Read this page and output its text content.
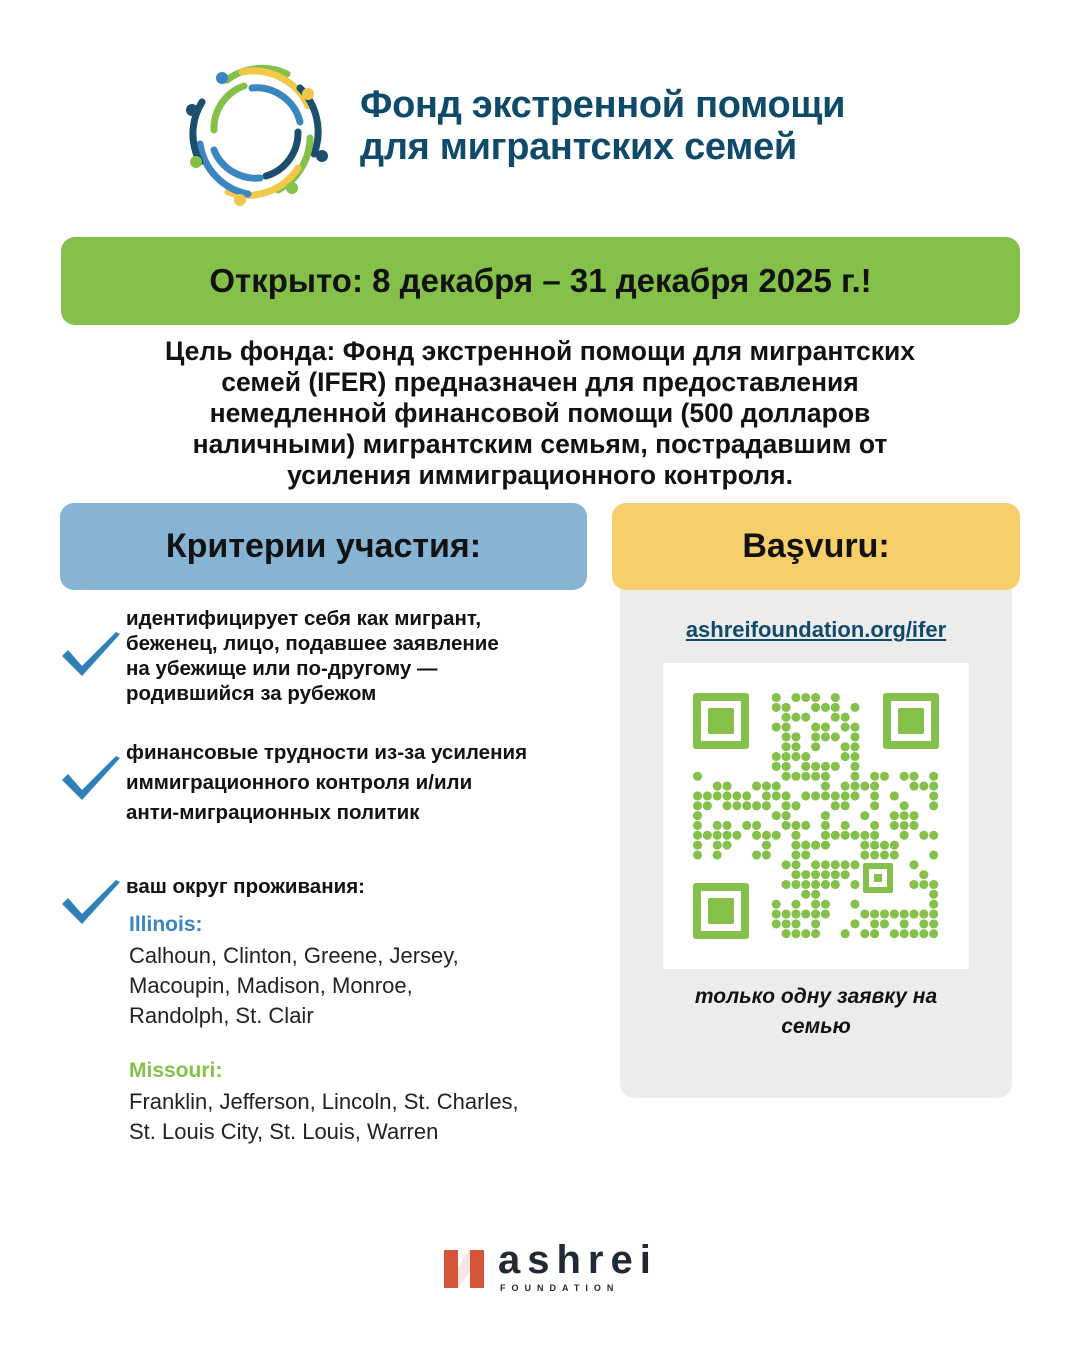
Фонд экстренной помощи
для мигрантских семей
Открыто: 8 декабря – 31 декабря 2025 г.!
Цель фонда: Фонд экстренной помощи для мигрантских
семей (IFER) предназначен для предоставления
немедленной финансовой помощи (500 долларов
наличными) мигрантским семьям, пострадавшим от
усиления иммиграционного контроля.
Критерии участия:
идентифицирует себя как мигрант,
беженец, лицо, подавшее заявление
на убежище или по-другому —
родившийся за рубежом
финансовые трудности из-за усиления
иммиграционного контроля и/или
анти-миграционных политик
ваш округ проживания:
Illinois:
Calhoun, Clinton, Greene, Jersey,
Macoupin, Madison, Monroe,
Randolph, St. Clair
Missouri:
Franklin, Jefferson, Lincoln, St. Charles,
St. Louis City, St. Louis, Warren
Başvuru:
ashreifoundation.org/ifer
только одну заявку на
семью
ashrei
FOUNDATION
